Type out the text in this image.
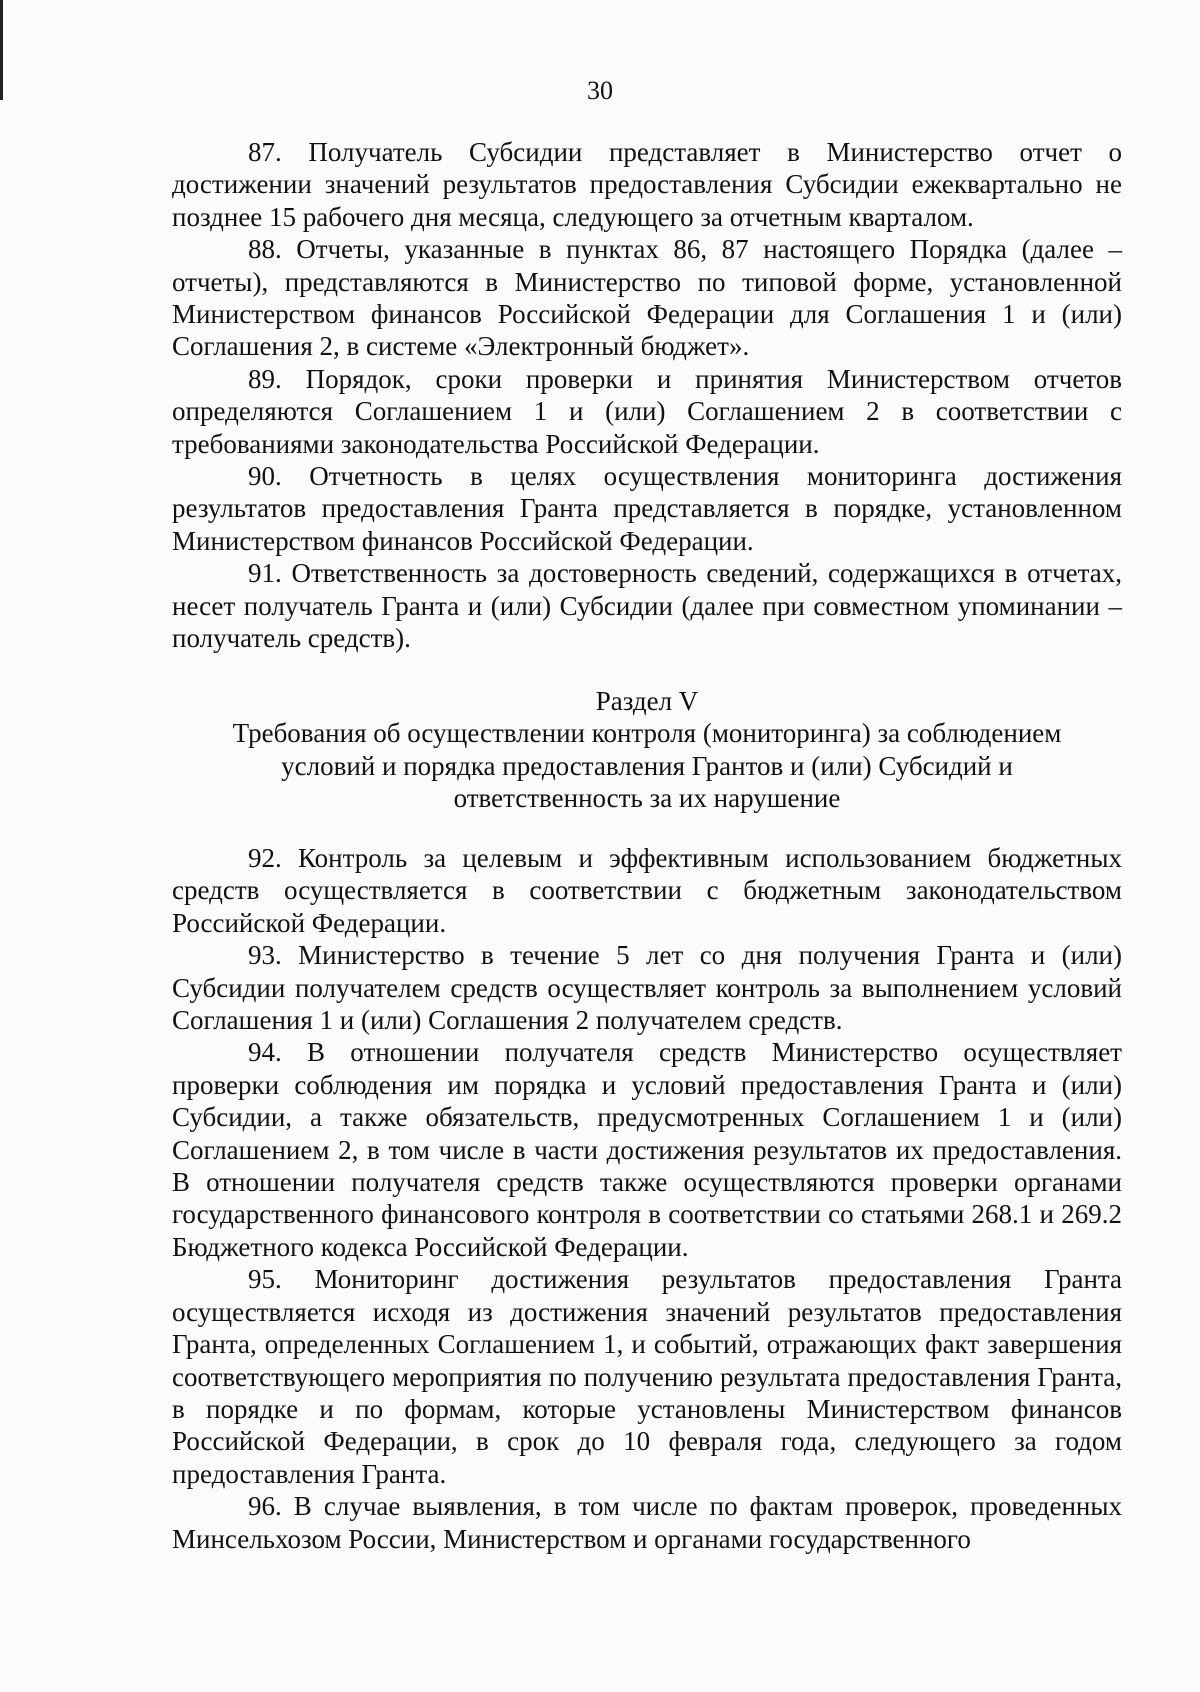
30

87. Получатель Субсидии представляет в Министерство отчет о достижении значений результатов предоставления Субсидии ежеквартально не позднее 15 рабочего дня месяца, следующего за отчетным кварталом.

88. Отчеты, указанные в пунктах 86, 87 настоящего Порядка (далее – отчеты), представляются в Министерство по типовой форме, установленной Министерством финансов Российской Федерации для Соглашения 1 и (или) Соглашения 2, в системе «Электронный бюджет».

89. Порядок, сроки проверки и принятия Министерством отчетов определяются Соглашением 1 и (или) Соглашением 2 в соответствии с требованиями законодательства Российской Федерации.

90. Отчетность в целях осуществления мониторинга достижения результатов предоставления Гранта представляется в порядке, установленном Министерством финансов Российской Федерации.

91. Ответственность за достоверность сведений, содержащихся в отчетах, несет получатель Гранта и (или) Субсидии (далее при совместном упоминании – получатель средств).

Раздел V

Требования об осуществлении контроля (мониторинга) за соблюдением

условий и порядка предоставления Грантов и (или) Субсидий и

ответственность за их нарушение

92. Контроль за целевым и эффективным использованием бюджетных средств осуществляется в соответствии с бюджетным законодательством Российской Федерации.

93. Министерство в течение 5 лет со дня получения Гранта и (или) Субсидии получателем средств осуществляет контроль за выполнением условий Соглашения 1 и (или) Соглашения 2 получателем средств.

94. В отношении получателя средств Министерство осуществляет проверки соблюдения им порядка и условий предоставления Гранта и (или) Субсидии, а также обязательств, предусмотренных Соглашением 1 и (или) Соглашением 2, в том числе в части достижения результатов их предоставления. В отношении получателя средств также осуществляются проверки органами государственного финансового контроля в соответствии со статьями 268.1 и 269.2 Бюджетного кодекса Российской Федерации.

95. Мониторинг достижения результатов предоставления Гранта осуществляется исходя из достижения значений результатов предоставления Гранта, определенных Соглашением 1, и событий, отражающих факт завершения соответствующего мероприятия по получению результата предоставления Гранта, в порядке и по формам, которые установлены Министерством финансов Российской Федерации, в срок до 10 февраля года, следующего за годом предоставления Гранта.

96. В случае выявления, в том числе по фактам проверок, проведенных Минсельхозом России, Министерством и органами государственного
